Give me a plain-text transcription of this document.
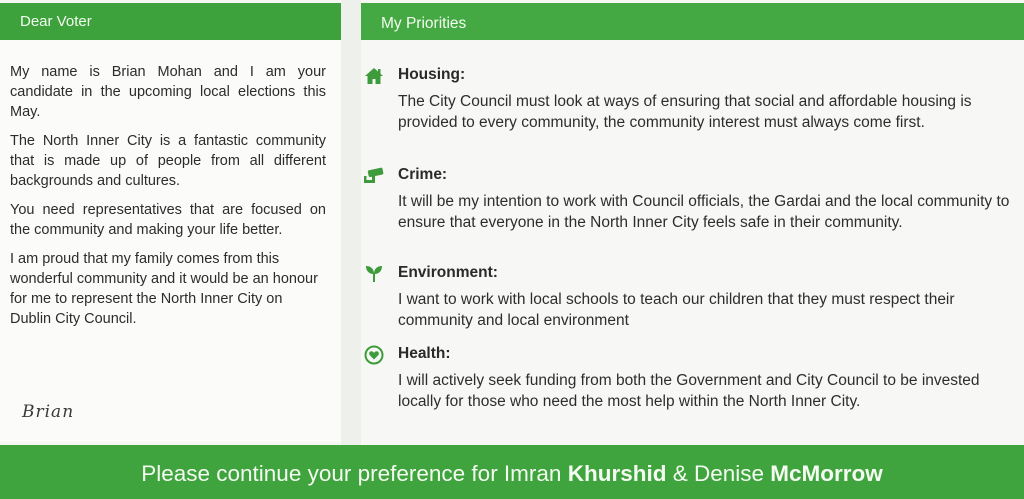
Dear Voter

My name is Brian Mohan and I am your candidate in the upcoming local elections this May.

The North Inner City is a fantastic community that is made up of people from all different backgrounds and cultures.

You need representatives that are focused on the community and making your life better.

I am proud that my family comes from this wonderful community and it would be an honour for me to represent the North Inner City on Dublin City Council.

Brian
My Priorities
Housing:
The City Council must look at ways of ensuring that social and affordable housing is provided to every community, the community interest must always come first.
Crime:
It will be my intention to work with Council officials, the Gardai and the local community to ensure that everyone in the North Inner City feels safe in their community.
Environment:
I want to work with local schools to teach our children that they must respect their community and local environment
Health:
I will actively seek funding from both the Government and City Council to be invested locally for those who need the most help within the North Inner City.
Please continue your preference for Imran Khurshid & Denise McMorrow
